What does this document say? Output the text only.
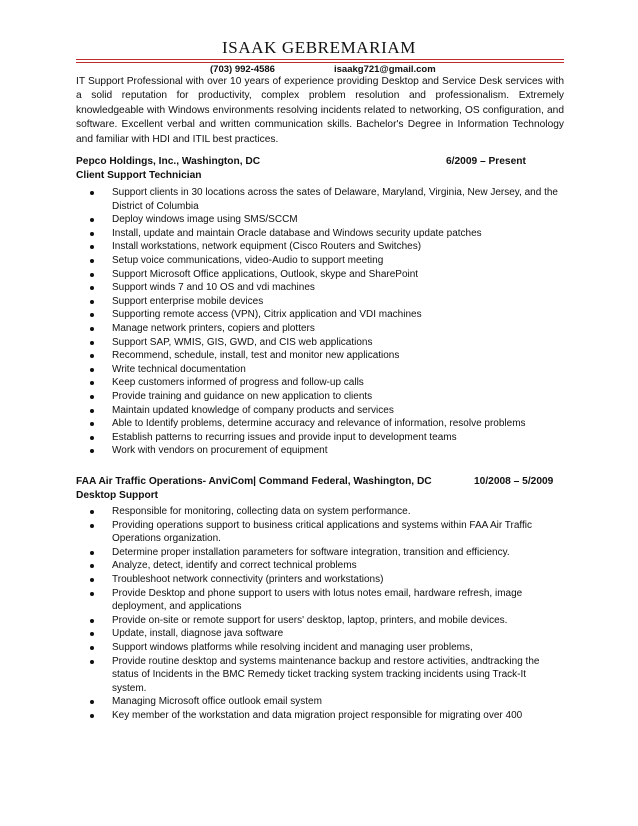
ISAAK GEBREMARIAM
(703) 992-4586	isaakg721@gmail.com

IT Support Professional with over 10 years of experience providing Desktop and Service Desk services with a solid reputation for productivity, complex problem resolution and professionalism. Extremely knowledgeable with Windows environments resolving incidents related to networking, OS configuration, and software. Excellent verbal and written communication skills. Bachelor's Degree in Information Technology and familiar with HDI and ITIL best practices.

Pepco Holdings, Inc., Washington, DC	6/2009 – Present
Client Support Technician
Support clients in 30 locations across the sates of Delaware, Maryland, Virginia, New Jersey, and the District of Columbia
Deploy windows image using SMS/SCCM
Install, update and maintain Oracle database and Windows security update patches
Install workstations, network equipment (Cisco Routers and Switches)
Setup voice communications, video-Audio to support meeting
Support Microsoft Office applications, Outlook, skype and SharePoint
Support winds 7 and 10 OS and vdi machines
Support enterprise mobile devices
Supporting remote access (VPN), Citrix application and VDI machines
Manage network printers, copiers and plotters
Support SAP, WMIS, GIS, GWD, and CIS web applications
Recommend, schedule, install, test and monitor new applications
Write technical documentation
Keep customers informed of progress and follow-up calls
Provide training and guidance on new application to clients
Maintain updated knowledge of company products and services
Able to Identify problems, determine accuracy and relevance of information, resolve problems
Establish patterns to recurring issues and provide input to development teams
Work with vendors on procurement of equipment
FAA Air Traffic Operations- AnviCom| Command Federal, Washington, DC	10/2008 – 5/2009
Desktop Support
Responsible for monitoring, collecting data on system performance.
Providing operations support to business critical applications and systems within FAA Air Traffic Operations organization.
Determine proper installation parameters for software integration, transition and efficiency.
Analyze, detect, identify and correct technical problems
Troubleshoot network connectivity (printers and workstations)
Provide Desktop and phone support to users with lotus notes email, hardware refresh, image deployment, and applications
Provide on-site or remote support for users' desktop, laptop, printers, and mobile devices.
Update, install, diagnose java software
Support windows platforms while resolving incident and managing user problems,
Provide routine desktop and systems maintenance backup and restore activities, andtracking the status of Incidents in the BMC Remedy ticket tracking system tracking incidents using Track-It system.
Managing Microsoft office outlook email system
Key member of the workstation and data migration project responsible for migrating over 400
